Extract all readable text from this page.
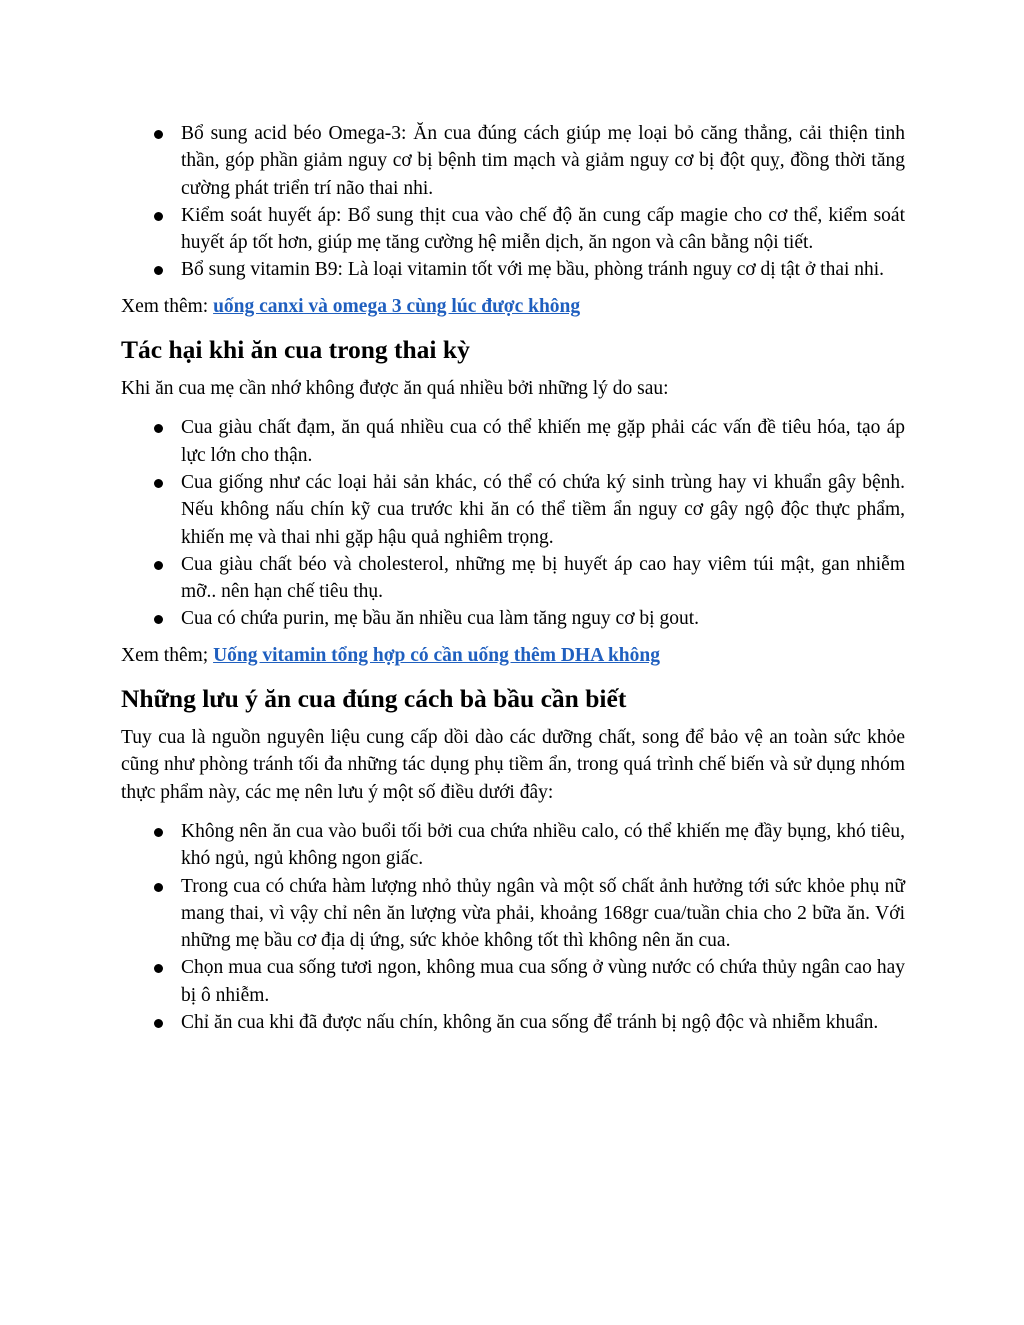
Bổ sung acid béo Omega-3: Ăn cua đúng cách giúp mẹ loại bỏ căng thẳng, cải thiện tinh thần, góp phần giảm nguy cơ bị bệnh tim mạch và giảm nguy cơ bị đột quỵ, đồng thời tăng cường phát triển trí não thai nhi.
Kiểm soát huyết áp: Bổ sung thịt cua vào chế độ ăn cung cấp magie cho cơ thể, kiểm soát huyết áp tốt hơn, giúp mẹ tăng cường hệ miễn dịch, ăn ngon và cân bằng nội tiết.
Bổ sung vitamin B9: Là loại vitamin tốt với mẹ bầu, phòng tránh nguy cơ dị tật ở thai nhi.

Xem thêm: uống canxi và omega 3 cùng lúc được không

Tác hại khi ăn cua trong thai kỳ

Khi ăn cua mẹ cần nhớ không được ăn quá nhiều bởi những lý do sau:

Cua giàu chất đạm, ăn quá nhiều cua có thể khiến mẹ gặp phải các vấn đề tiêu hóa, tạo áp lực lớn cho thận.
Cua giống như các loại hải sản khác, có thể có chứa ký sinh trùng hay vi khuẩn gây bệnh. Nếu không nấu chín kỹ cua trước khi ăn có thể tiềm ẩn nguy cơ gây ngộ độc thực phẩm, khiến mẹ và thai nhi gặp hậu quả nghiêm trọng.
Cua giàu chất béo và cholesterol, những mẹ bị huyết áp cao hay viêm túi mật, gan nhiễm mỡ.. nên hạn chế tiêu thụ.
Cua có chứa purin, mẹ bầu ăn nhiều cua làm tăng nguy cơ bị gout.

Xem thêm; Uống vitamin tổng hợp có cần uống thêm DHA không

Những lưu ý ăn cua đúng cách bà bầu cần biết

Tuy cua là nguồn nguyên liệu cung cấp dồi dào các dưỡng chất, song để bảo vệ an toàn sức khỏe cũng như phòng tránh tối đa những tác dụng phụ tiềm ẩn, trong quá trình chế biến và sử dụng nhóm thực phẩm này, các mẹ nên lưu ý một số điều dưới đây:

Không nên ăn cua vào buổi tối bởi cua chứa nhiều calo, có thể khiến mẹ đầy bụng, khó tiêu, khó ngủ, ngủ không ngon giấc.
Trong cua có chứa hàm lượng nhỏ thủy ngân và một số chất ảnh hưởng tới sức khỏe phụ nữ mang thai, vì vậy chỉ nên ăn lượng vừa phải, khoảng 168gr cua/tuần chia cho 2 bữa ăn. Với những mẹ bầu cơ địa dị ứng, sức khỏe không tốt thì không nên ăn cua.
Chọn mua cua sống tươi ngon, không mua cua sống ở vùng nước có chứa thủy ngân cao hay bị ô nhiễm.
Chỉ ăn cua khi đã được nấu chín, không ăn cua sống để tránh bị ngộ độc và nhiễm khuẩn.
